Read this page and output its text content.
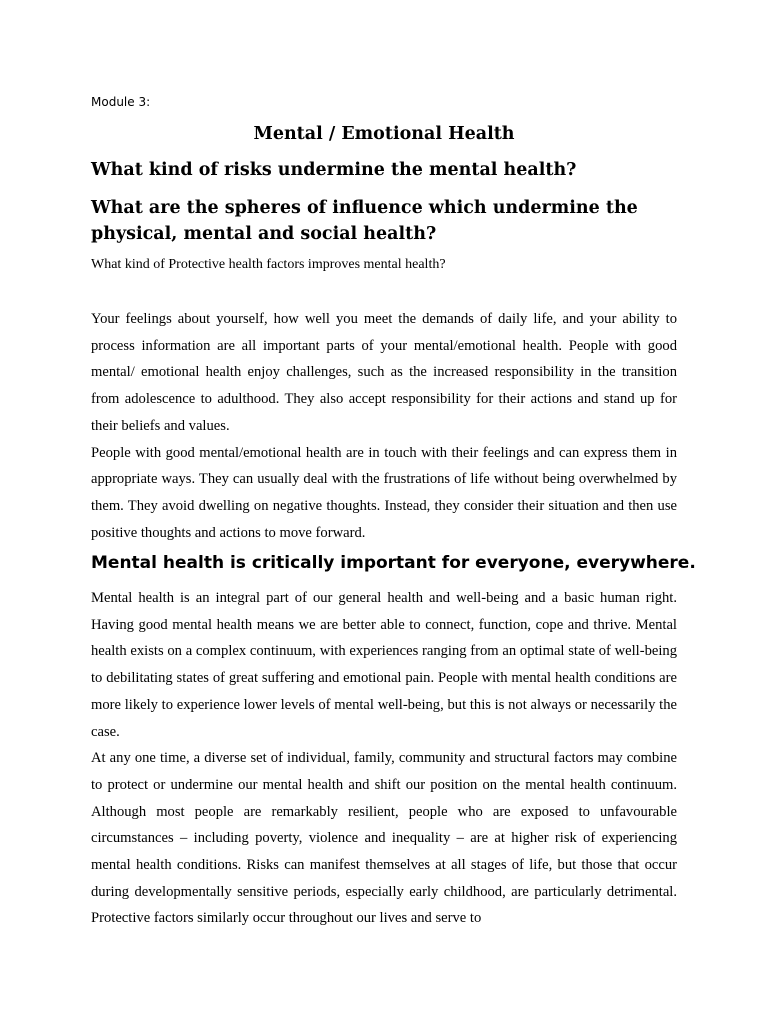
Module 3:
Mental / Emotional Health
What kind of risks undermine the mental health?
What are the spheres of influence which undermine the physical, mental and social health?

What kind of Protective health factors improves mental health?

Your feelings about yourself, how well you meet the demands of daily life, and your ability to process information are all important parts of your mental/emotional health. People with good mental/ emotional health enjoy challenges, such as the increased responsibility in the transition from adolescence to adulthood. They also accept responsibility for their actions and stand up for their beliefs and values.

People with good mental/emotional health are in touch with their feelings and can express them in appropriate ways. They can usually deal with the frustrations of life without being overwhelmed by them. They avoid dwelling on negative thoughts. Instead, they consider their situation and then use positive thoughts and actions to move forward.

Mental health is critically important for everyone, everywhere.

Mental health is an integral part of our general health and well-being and a basic human right. Having good mental health means we are better able to connect, function, cope and thrive. Mental health exists on a complex continuum, with experiences ranging from an optimal state of well-being to debilitating states of great suffering and emotional pain. People with mental health conditions are more likely to experience lower levels of mental well-being, but this is not always or necessarily the case.

At any one time, a diverse set of individual, family, community and structural factors may combine to protect or undermine our mental health and shift our position on the mental health continuum. Although most people are remarkably resilient, people who are exposed to unfavourable circumstances – including poverty, violence and inequality – are at higher risk of experiencing mental health conditions. Risks can manifest themselves at all stages of life, but those that occur during developmentally sensitive periods, especially early childhood, are particularly detrimental. Protective factors similarly occur throughout our lives and serve to
